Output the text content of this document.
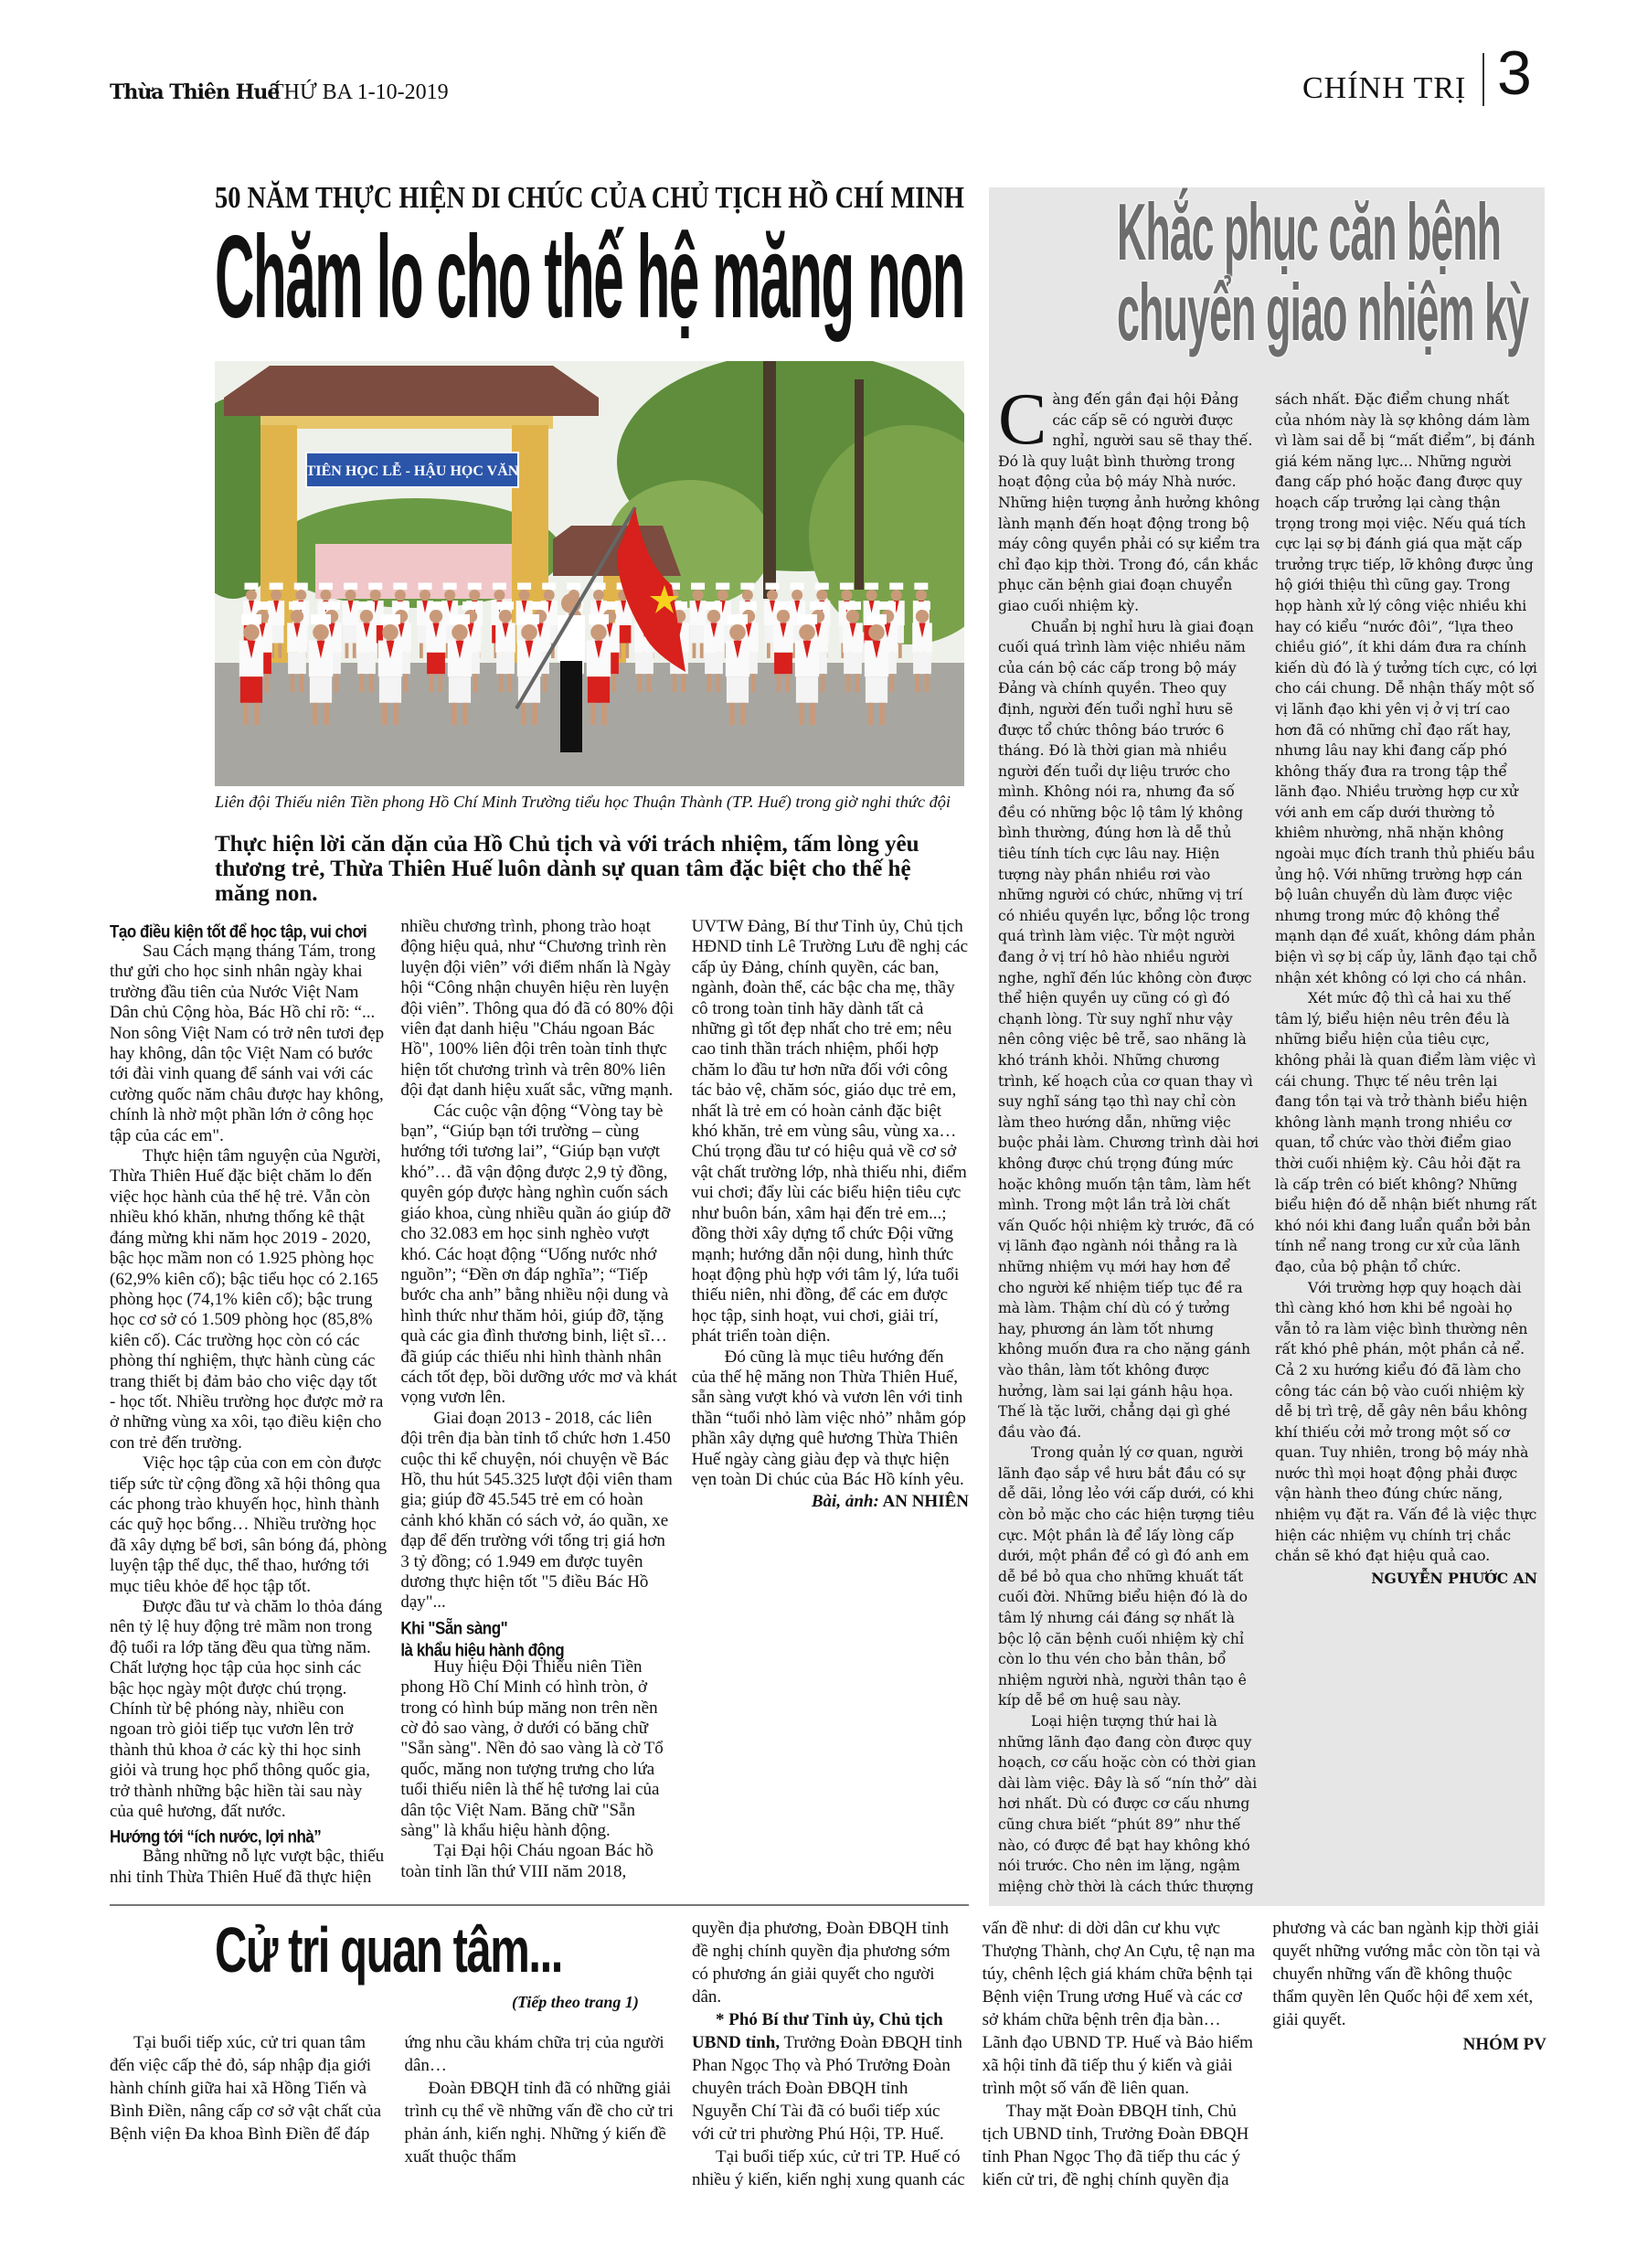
Thừa Thiên Huế
THỨ BA 1-10-2019	CHÍNH TRỊ 3
50 NĂM THỰC HIỆN DI CHÚC CỦA CHỦ TỊCH HỒ CHÍ MINH
Chăm lo cho thế hệ măng non
TIÊN HỌC LỄ - HẬU HỌC VĂN
Liên đội Thiếu niên Tiền phong Hồ Chí Minh Trường tiểu học Thuận Thành (TP. Huế) trong giờ nghi thức đội
Thực hiện lời căn dặn của Hồ Chủ tịch và với trách nhiệm, tấm lòng yêu thương trẻ, Thừa Thiên Huế luôn dành sự quan tâm đặc biệt cho thế hệ măng non.
Tạo điều kiện tốt để học tập, vui chơi

Sau Cách mạng tháng Tám, trong thư gửi cho học sinh nhân ngày khai trường đầu tiên của Nước Việt Nam Dân chủ Cộng hòa, Bác Hồ chỉ rõ: “... Non sông Việt Nam có trở nên tươi đẹp hay không, dân tộc Việt Nam có bước tới đài vinh quang để sánh vai với các cường quốc năm châu được hay không, chính là nhờ một phần lớn ở công học tập của các em".

Thực hiện tâm nguyện của Người, Thừa Thiên Huế đặc biệt chăm lo đến việc học hành của thế hệ trẻ. Vẫn còn nhiều khó khăn, nhưng thống kê thật đáng mừng khi năm học 2019 - 2020, bậc học mầm non có 1.925 phòng học (62,9% kiên cố); bậc tiểu học có 2.165 phòng học (74,1% kiên cố); bậc trung học cơ sở có 1.509 phòng học (85,8% kiên cố). Các trường học còn có các phòng thí nghiệm, thực hành cùng các trang thiết bị đảm bảo cho việc dạy tốt - học tốt. Nhiều trường học được mở ra ở những vùng xa xôi, tạo điều kiện cho con trẻ đến trường.

Việc học tập của con em còn được tiếp sức từ cộng đồng xã hội thông qua các phong trào khuyến học, hình thành các quỹ học bổng… Nhiều trường học đã xây dựng bể bơi, sân bóng đá, phòng luyện tập thể dục, thể thao, hướng tới mục tiêu khỏe để học tập tốt.

Được đầu tư và chăm lo thỏa đáng nên tỷ lệ huy động trẻ mầm non trong độ tuổi ra lớp tăng đều qua từng năm. Chất lượng học tập của học sinh các bậc học ngày một được chú trọng. Chính từ bệ phóng này, nhiều con ngoan trò giỏi tiếp tục vươn lên trở thành thủ khoa ở các kỳ thi học sinh giỏi và trung học phổ thông quốc gia, trở thành những bậc hiền tài sau này của quê hương, đất nước.

Hướng tới “ích nước, lợi nhà”

Bằng những nỗ lực vượt bậc, thiếu nhi tỉnh Thừa Thiên Huế đã thực hiện nhiều chương trình, phong trào hoạt động hiệu quả, như “Chương trình rèn luyện đội viên” với điểm nhấn là Ngày hội “Công nhận chuyên hiệu rèn luyện đội viên”. Thông qua đó đã có 80% đội viên đạt danh hiệu "Cháu ngoan Bác Hồ", 100% liên đội trên toàn tỉnh thực hiện tốt chương trình và trên 80% liên đội đạt danh hiệu xuất sắc, vững mạnh.

Các cuộc vận động “Vòng tay bè bạn”, “Giúp bạn tới trường – cùng hướng tới tương lai”, “Giúp bạn vượt khó”… đã vận động được 2,9 tỷ đồng, quyên góp được hàng nghìn cuốn sách giáo khoa, cùng nhiều quần áo giúp đỡ cho 32.083 em học sinh nghèo vượt khó. Các hoạt động “Uống nước nhớ nguồn”; “Đền ơn đáp nghĩa”; “Tiếp bước cha anh” bằng nhiều nội dung và hình thức như thăm hỏi, giúp đỡ, tặng quà các gia đình thương binh, liệt sĩ… đã giúp các thiếu nhi hình thành nhân cách tốt đẹp, bồi dưỡng ước mơ và khát vọng vươn lên.

Giai đoạn 2013 - 2018, các liên đội trên địa bàn tỉnh tổ chức hơn 1.450 cuộc thi kể chuyện, nói chuyện về Bác Hồ, thu hút 545.325 lượt đội viên tham gia; giúp đỡ 45.545 trẻ em có hoàn cảnh khó khăn có sách vở, áo quần, xe đạp để đến trường với tổng trị giá hơn 3 tỷ đồng; có 1.949 em được tuyên dương thực hiện tốt "5 điều Bác Hồ dạy"...

Khi "Sẵn sàng"
là khẩu hiệu hành động

Huy hiệu Đội Thiếu niên Tiền phong Hồ Chí Minh có hình tròn, ở trong có hình búp măng non trên nền cờ đỏ sao vàng, ở dưới có băng chữ "Sẵn sàng". Nền đỏ sao vàng là cờ Tổ quốc, măng non tượng trưng cho lứa tuổi thiếu niên là thế hệ tương lai của dân tộc Việt Nam. Băng chữ "Sẵn sàng" là khẩu hiệu hành động.

Tại Đại hội Cháu ngoan Bác hồ toàn tỉnh lần thứ VIII năm 2018, UVTW Đảng, Bí thư Tỉnh ủy, Chủ tịch HĐND tỉnh Lê Trường Lưu đề nghị các cấp ủy Đảng, chính quyền, các ban, ngành, đoàn thể, các bậc cha mẹ, thầy cô trong toàn tỉnh hãy dành tất cả những gì tốt đẹp nhất cho trẻ em; nêu cao tinh thần trách nhiệm, phối hợp chăm lo đầu tư hơn nữa đối với công tác bảo vệ, chăm sóc, giáo dục trẻ em, nhất là trẻ em có hoàn cảnh đặc biệt khó khăn, trẻ em vùng sâu, vùng xa… Chú trọng đầu tư có hiệu quả về cơ sở vật chất trường lớp, nhà thiếu nhi, điểm vui chơi; đẩy lùi các biểu hiện tiêu cực như buôn bán, xâm hại đến trẻ em...; đồng thời xây dựng tổ chức Đội vững mạnh; hướng dẫn nội dung, hình thức hoạt động phù hợp với tâm lý, lứa tuổi thiếu niên, nhi đồng, để các em được học tập, sinh hoạt, vui chơi, giải trí, phát triển toàn diện.

Đó cũng là mục tiêu hướng đến của thế hệ măng non Thừa Thiên Huế, sẵn sàng vượt khó và vươn lên với tinh thần “tuổi nhỏ làm việc nhỏ” nhằm góp phần xây dựng quê hương Thừa Thiên Huế ngày càng giàu đẹp và thực hiện vẹn toàn Di chúc của Bác Hồ kính yêu.

Bài, ảnh: AN NHIÊN
Khắc phục căn bệnh
chuyển giao nhiệm kỳ

Càng đến gần đại hội Đảng các cấp sẽ có người được nghỉ, người sau sẽ thay thế. Đó là quy luật bình thường trong hoạt động của bộ máy Nhà nước. Những hiện tượng ảnh hưởng không lành mạnh đến hoạt động trong bộ máy công quyền phải có sự kiểm tra chỉ đạo kịp thời. Trong đó, cần khắc phục căn bệnh giai đoạn chuyển giao cuối nhiệm kỳ.

Chuẩn bị nghỉ hưu là giai đoạn cuối quá trình làm việc nhiều năm của cán bộ các cấp trong bộ máy Đảng và chính quyền. Theo quy định, người đến tuổi nghỉ hưu sẽ được tổ chức thông báo trước 6 tháng. Đó là thời gian mà nhiều người đến tuổi dự liệu trước cho mình. Không nói ra, nhưng đa số đều có những bộc lộ tâm lý không bình thường, đúng hơn là dễ thủ tiêu tính tích cực lâu nay. Hiện tượng này phần nhiều rơi vào những người có chức, những vị trí có nhiều quyền lực, bổng lộc trong quá trình làm việc. Từ một người đang ở vị trí hô hào nhiều người nghe, nghĩ đến lúc không còn được thể hiện quyền uy cũng có gì đó chạnh lòng. Từ suy nghĩ như vậy nên công việc bê trễ, sao nhãng là khó tránh khỏi. Những chương trình, kế hoạch của cơ quan thay vì suy nghĩ sáng tạo thì nay chỉ còn làm theo hướng dẫn, những việc buộc phải làm. Chương trình dài hơi không được chú trọng đúng mức hoặc không muốn tận tâm, làm hết mình. Trong một lần trả lời chất vấn Quốc hội nhiệm kỳ trước, đã có vị lãnh đạo ngành nói thẳng ra là những nhiệm vụ mới hay hơn để cho người kế nhiệm tiếp tục đề ra mà làm. Thậm chí dù có ý tưởng hay, phương án làm tốt nhưng không muốn đưa ra cho nặng gánh vào thân, làm tốt không được hưởng, làm sai lại gánh hậu họa. Thế là tặc lưỡi, chẳng dại gì ghé đầu vào đá.

Trong quản lý cơ quan, người lãnh đạo sắp về hưu bắt đầu có sự dễ dãi, lỏng lẻo với cấp dưới, có khi còn bỏ mặc cho các hiện tượng tiêu cực. Một phần là để lấy lòng cấp dưới, một phần để có gì đó anh em dễ bề bỏ qua cho những khuất tất cuối đời. Những biểu hiện đó là do tâm lý nhưng cái đáng sợ nhất là bộc lộ căn bệnh cuối nhiệm kỳ chỉ còn lo thu vén cho bản thân, bổ nhiệm người nhà, người thân tạo ê kíp dễ bề ơn huệ sau này.

Loại hiện tượng thứ hai là những lãnh đạo đang còn được quy hoạch, cơ cấu hoặc còn có thời gian dài làm việc. Đây là số “nín thở” dài hơi nhất. Dù có được cơ cấu nhưng cũng chưa biết “phút 89” như thế nào, có được đề bạt hay không khó nói trước. Cho nên im lặng, ngậm miệng chờ thời là cách thức thượng sách nhất. Đặc điểm chung nhất của nhóm này là sợ không dám làm vì làm sai dễ bị “mất điểm”, bị đánh giá kém năng lực... Những người đang cấp phó hoặc đang được quy hoạch cấp trưởng lại càng thận trọng trong mọi việc. Nếu quá tích cực lại sợ bị đánh giá qua mặt cấp trưởng trực tiếp, lỡ không được ủng hộ giới thiệu thì cũng gay. Trong họp hành xử lý công việc nhiều khi hay có kiểu “nước đôi”, “lựa theo chiều gió”, ít khi dám đưa ra chính kiến dù đó là ý tưởng tích cực, có lợi cho cái chung. Dễ nhận thấy một số vị lãnh đạo khi yên vị ở vị trí cao hơn đã có những chỉ đạo rất hay, nhưng lâu nay khi đang cấp phó không thấy đưa ra trong tập thể lãnh đạo. Nhiều trường hợp cư xử với anh em cấp dưới thường tỏ khiêm nhường, nhã nhặn không ngoài mục đích tranh thủ phiếu bầu ủng hộ. Với những trường hợp cán bộ luân chuyển dù làm được việc nhưng trong mức độ không thể mạnh dạn đề xuất, không dám phản biện vì sợ bị cấp ủy, lãnh đạo tại chỗ nhận xét không có lợi cho cá nhân.

Xét mức độ thì cả hai xu thế tâm lý, biểu hiện nêu trên đều là những biểu hiện của tiêu cực, không phải là quan điểm làm việc vì cái chung. Thực tế nêu trên lại đang tồn tại và trở thành biểu hiện không lành mạnh trong nhiều cơ quan, tổ chức vào thời điểm giao thời cuối nhiệm kỳ. Câu hỏi đặt ra là cấp trên có biết không? Những biểu hiện đó dễ nhận biết nhưng rất khó nói khi đang luẩn quẩn bởi bản tính nể nang trong cư xử của lãnh đạo, của bộ phận tổ chức.

Với trường hợp quy hoạch dài thì càng khó hơn khi bề ngoài họ vẫn tỏ ra làm việc bình thường nên rất khó phê phán, một phần cả nể. Cả 2 xu hướng kiểu đó đã làm cho công tác cán bộ vào cuối nhiệm kỳ dễ bị trì trệ, dễ gây nên bầu không khí thiếu cởi mở trong một số cơ quan. Tuy nhiên, trong bộ máy nhà nước thì mọi hoạt động phải được vận hành theo đúng chức năng, nhiệm vụ đặt ra. Vấn đề là việc thực hiện các nhiệm vụ chính trị chắc chắn sẽ khó đạt hiệu quả cao.

NGUYỄN PHƯỚC AN
Cử tri quan tâm...
(Tiếp theo trang 1)

Tại buổi tiếp xúc, cử tri quan tâm đến việc cấp thẻ đỏ, sáp nhập địa giới hành chính giữa hai xã Hồng Tiến và Bình Điền, nâng cấp cơ sở vật chất của Bệnh viện Đa khoa Bình Điền để đáp ứng nhu cầu khám chữa trị của người dân…

Đoàn ĐBQH tỉnh đã có những giải trình cụ thể về những vấn đề cho cử tri phản ánh, kiến nghị. Những ý kiến đề xuất thuộc thẩm

quyền địa phương, Đoàn ĐBQH tỉnh đề nghị chính quyền địa phương sớm có phương án giải quyết cho người dân.

* Phó Bí thư Tỉnh ủy, Chủ tịch UBND tỉnh, Trưởng Đoàn ĐBQH tỉnh Phan Ngọc Thọ và Phó Trưởng Đoàn chuyên trách Đoàn ĐBQH tỉnh Nguyễn Chí Tài đã có buổi tiếp xúc với cử tri phường Phú Hội, TP. Huế.

Tại buổi tiếp xúc, cử tri TP. Huế có nhiều ý kiến, kiến nghị xung quanh các vấn đề như: di dời dân cư khu vực Thượng Thành, chợ An Cựu, tệ nạn ma túy, chênh lệch giá khám chữa bệnh tại Bệnh viện Trung ương Huế và các cơ sở khám chữa bệnh trên địa bàn… Lãnh đạo UBND TP. Huế và Bảo hiểm xã hội tỉnh đã tiếp thu ý kiến và giải trình một số vấn đề liên quan.

Thay mặt Đoàn ĐBQH tỉnh, Chủ tịch UBND tỉnh, Trưởng Đoàn ĐBQH tỉnh Phan Ngọc Thọ đã tiếp thu các ý kiến cử tri, đề nghị chính quyền địa phương và các ban ngành kịp thời giải quyết những vướng mắc còn tồn tại và chuyển những vấn đề không thuộc thẩm quyền lên Quốc hội để xem xét, giải quyết.

NHÓM PV
